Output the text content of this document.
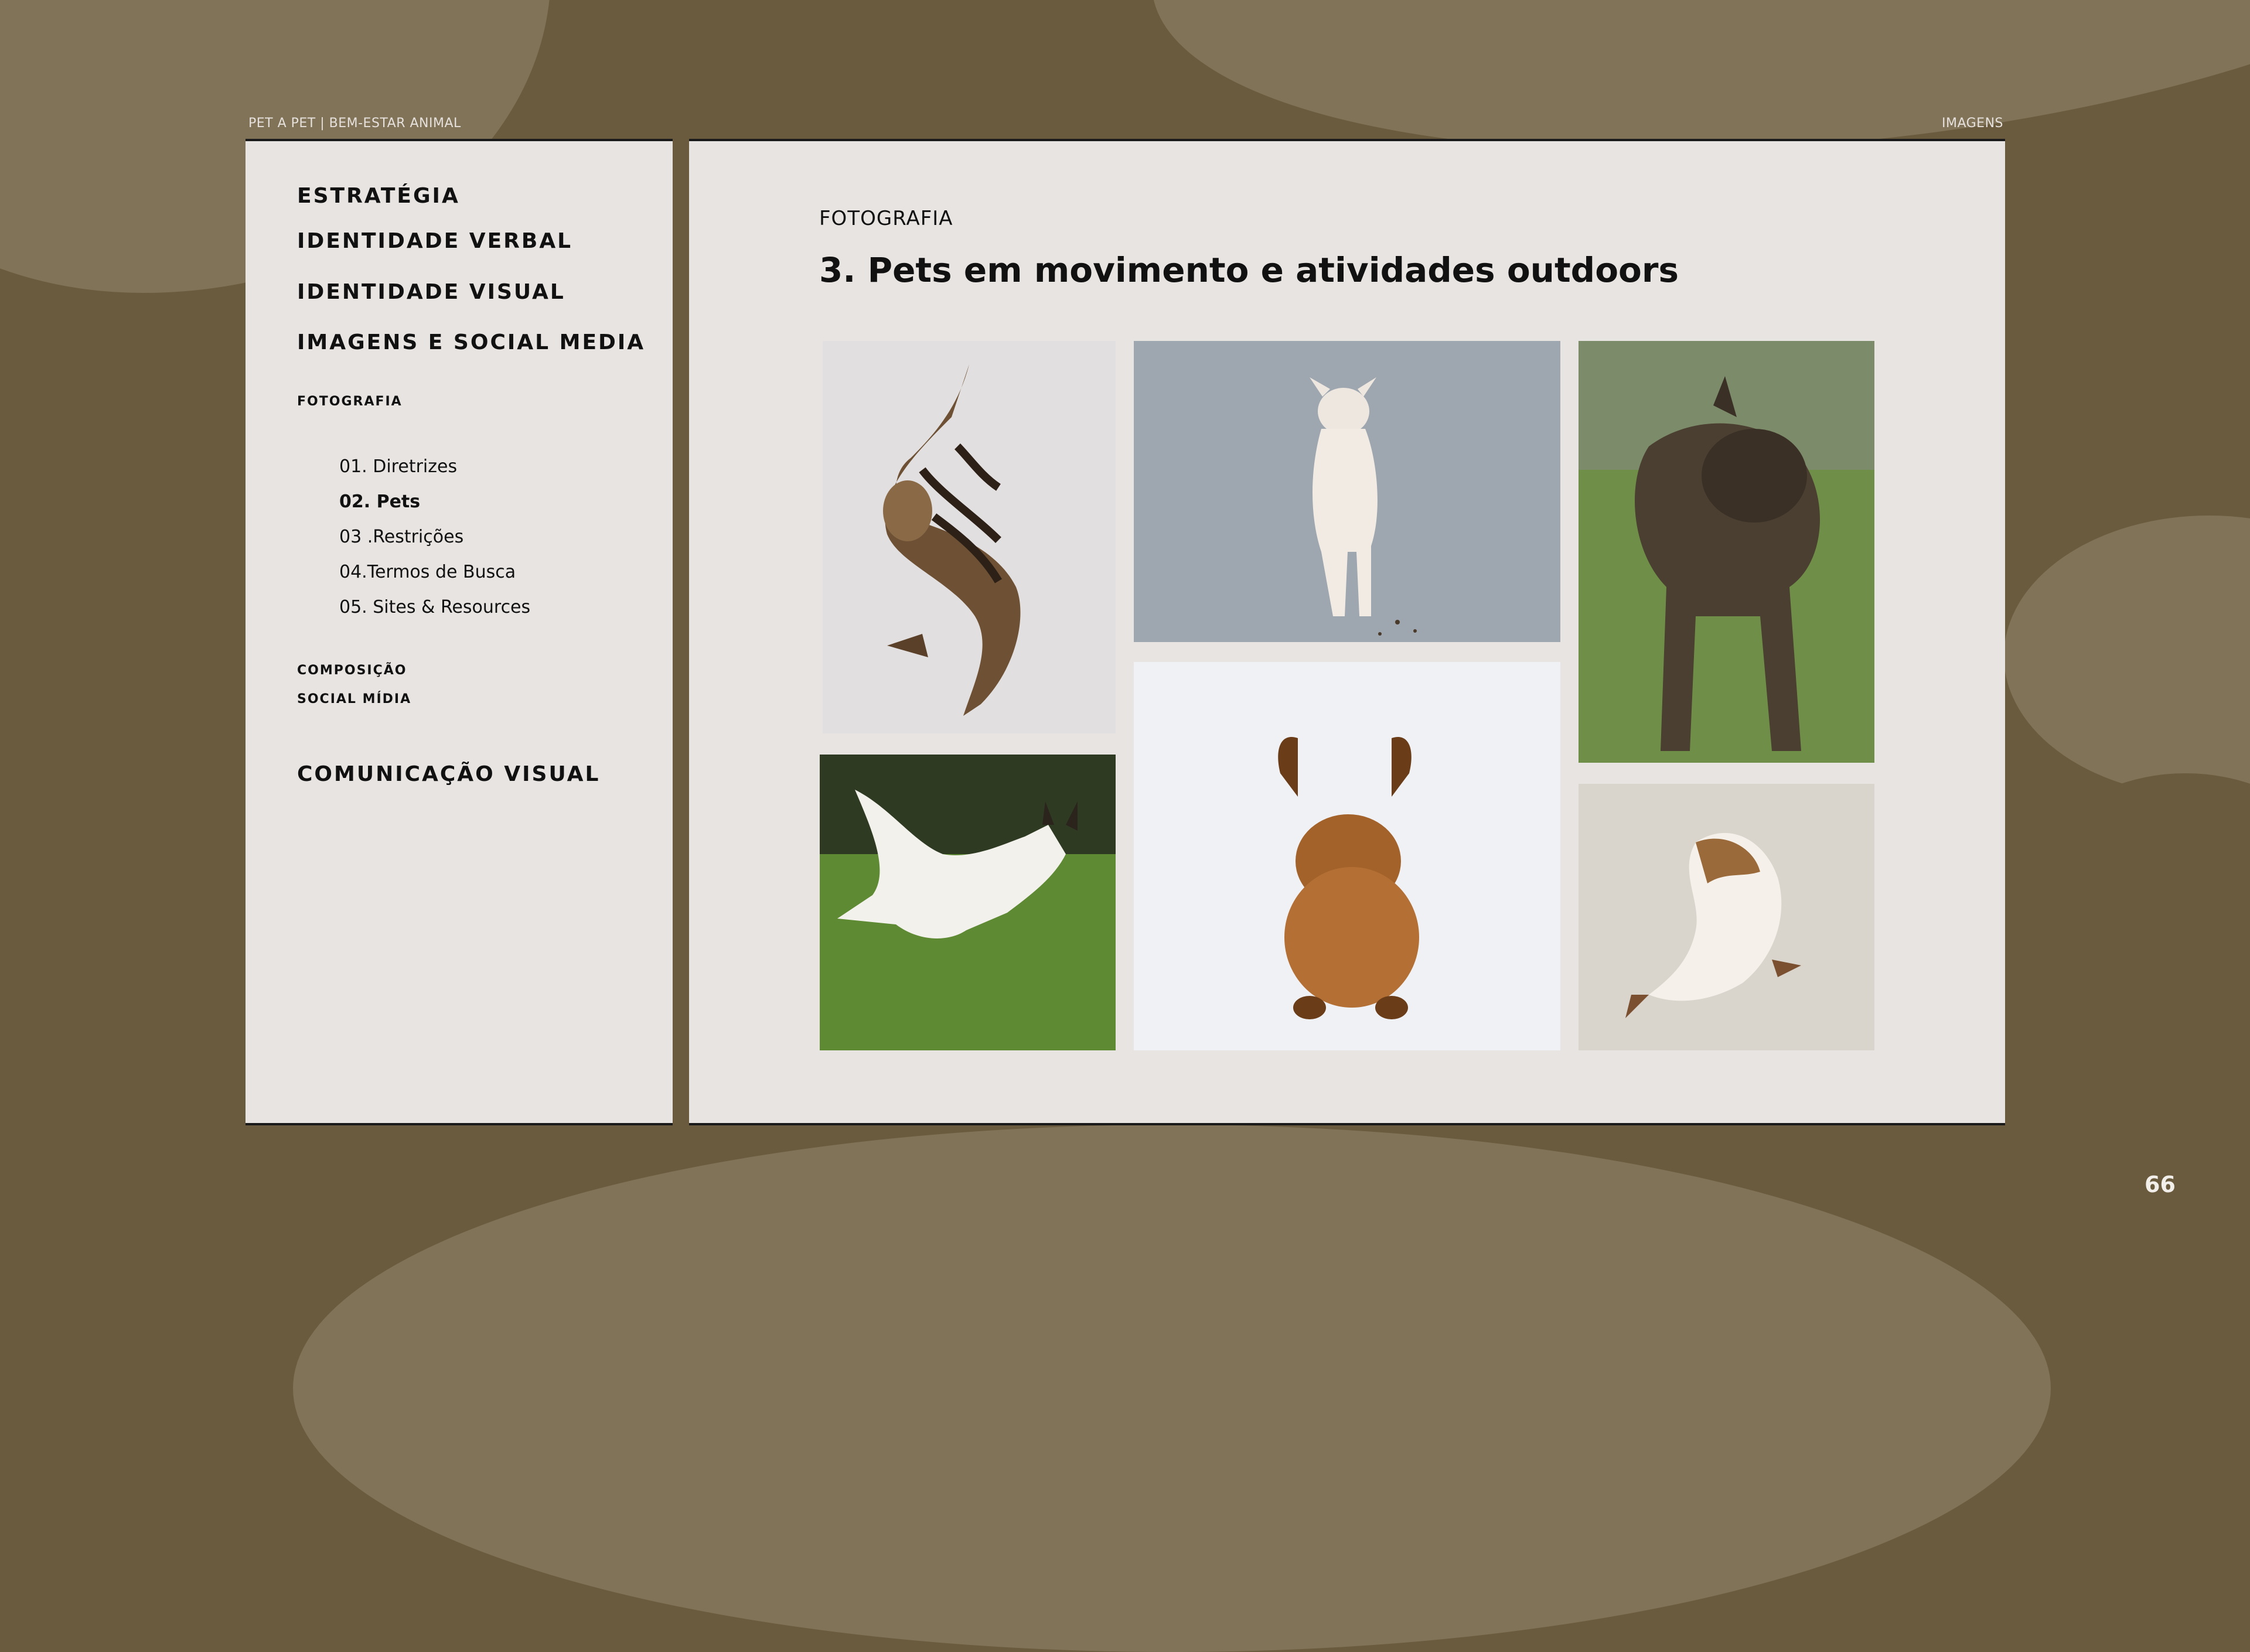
PET A PET | BEM-ESTAR ANIMAL	IMAGENS
ESTRATÉGIA
IDENTIDADE VERBAL
IDENTIDADE VISUAL
IMAGENS E SOCIAL MEDIA
FOTOGRAFIA
01. Diretrizes
02. Pets
03 .Restrições
04.Termos de Busca
05. Sites & Resources
COMPOSIÇÃO
SOCIAL MÍDIA
COMUNICAÇÃO VISUAL
FOTOGRAFIA
3. Pets em movimento e atividades outdoors
66
